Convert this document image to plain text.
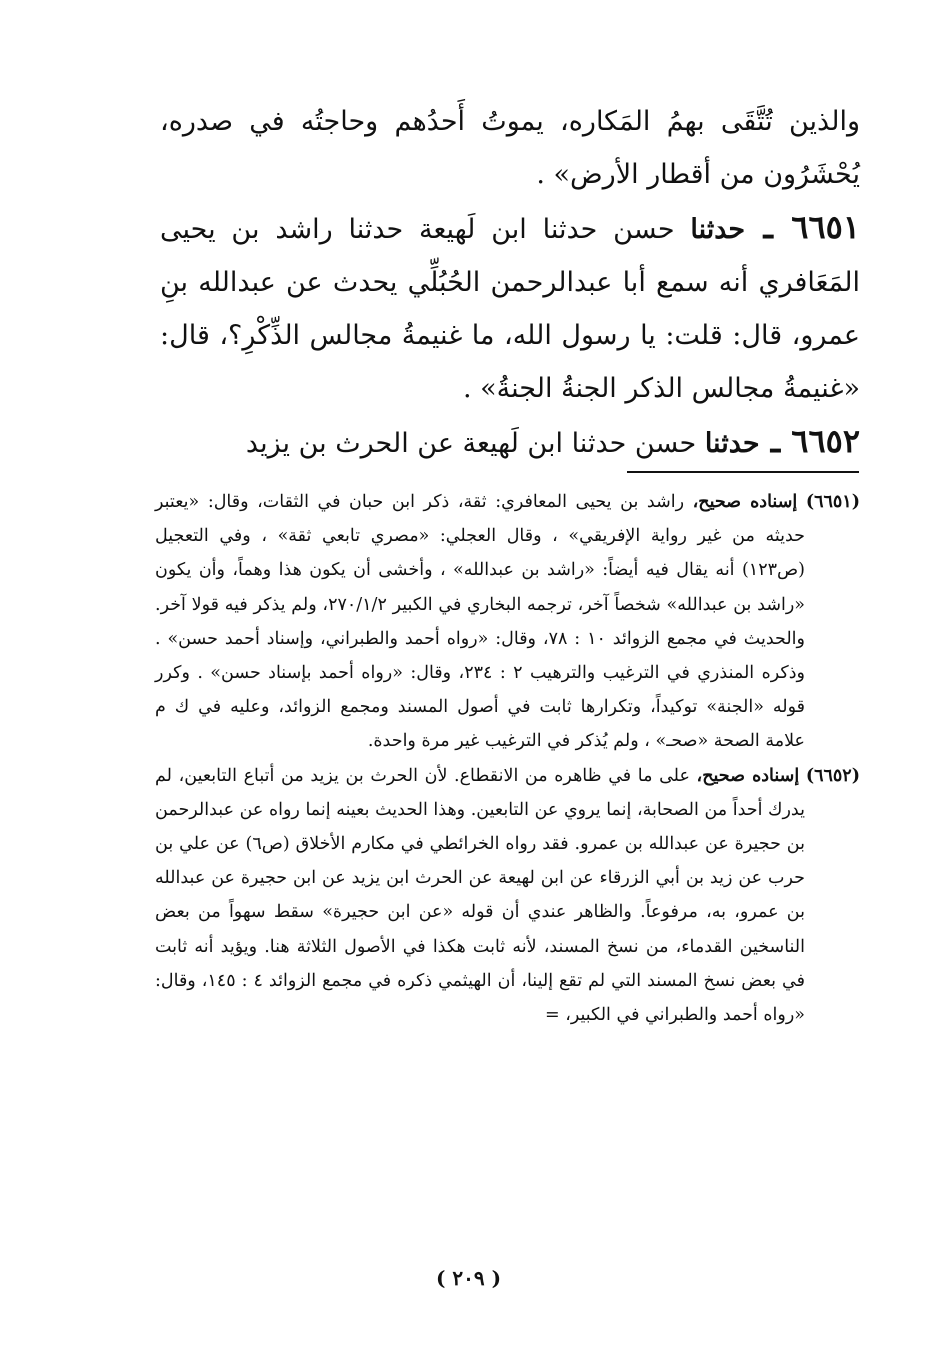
والذين تُتَّقَى بهمُ المَكاره، يموتُ أَحدُهم وحاجتُه في صدره، يُحْشَرُون من أقطار الأرض» .

٦٦٥١ ـ حدثنا حسن حدثنا ابن لَهيعة حدثنا راشد بن يحيى المَعَافري أنه سمع أبا عبدالرحمن الحُبُلِّي يحدث عن عبدالله بنِ عمرو، قال: قلت: يا رسول الله، ما غنيمةُ مجالس الذِّكْرِ؟، قال: «غنيمةُ مجالس الذكر الجنةُ الجنةُ» .

٦٦٥٢ ـ حدثنا حسن حدثنا ابن لَهيعة عن الحرث بن يزيد

(٦٦٥١) إسناده صحيح، راشد بن يحيى المعافري: ثقة، ذكر ابن حبان في الثقات، وقال: «يعتبر حديثه من غير رواية الإفريقي» ، وقال العجلي: «مصري تابعي ثقة» ، وفي التعجيل (ص١٢٣) أنه يقال فيه أيضاً: «راشد بن عبدالله» ، وأخشى أن يكون هذا وهماً، وأن يكون «راشد بن عبدالله» شخصاً آخر، ترجمه البخاري في الكبير ٢٧٠/١/٢، ولم يذكر فيه قولا آخر. والحديث في مجمع الزوائد ١٠ : ٧٨، وقال: «رواه أحمد والطبراني، وإسناد أحمد حسن» . وذكره المنذري في الترغيب والترهيب ٢ : ٢٣٤، وقال: «رواه أحمد بإسناد حسن» . وكرر قوله «الجنة» توكيداً، وتكرارها ثابت في أصول المسند ومجمع الزوائد، وعليه في ك م علامة الصحة «صحـ» ، ولم يُذكر في الترغيب غير مرة واحدة.

(٦٦٥٢) إسناده صحيح، على ما في ظاهره من الانقطاع. لأن الحرث بن يزيد من أتباع التابعين، لم يدرك أحداً من الصحابة، إنما يروي عن التابعين. وهذا الحديث بعينه إنما رواه عن عبدالرحمن بن حجيرة عن عبدالله بن عمرو. فقد رواه الخرائطي في مكارم الأخلاق (ص٦) عن علي بن حرب عن زيد بن أبي الزرقاء عن ابن لهيعة عن الحرث ابن يزيد عن ابن حجيرة عن عبدالله بن عمرو، به، مرفوعاً. والظاهر عندي أن قوله «عن ابن حجيرة» سقط سهواً من بعض الناسخين القدماء، من نسخ المسند، لأنه ثابت هكذا في الأصول الثلاثة هنا. ويؤيد أنه ثابت في بعض نسخ المسند التي لم تقع إلينا، أن الهيثمي ذكره في مجمع الزوائد ٤ : ١٤٥، وقال: «رواه أحمد والطبراني في الكبير، =

( ٢٠٩ )
